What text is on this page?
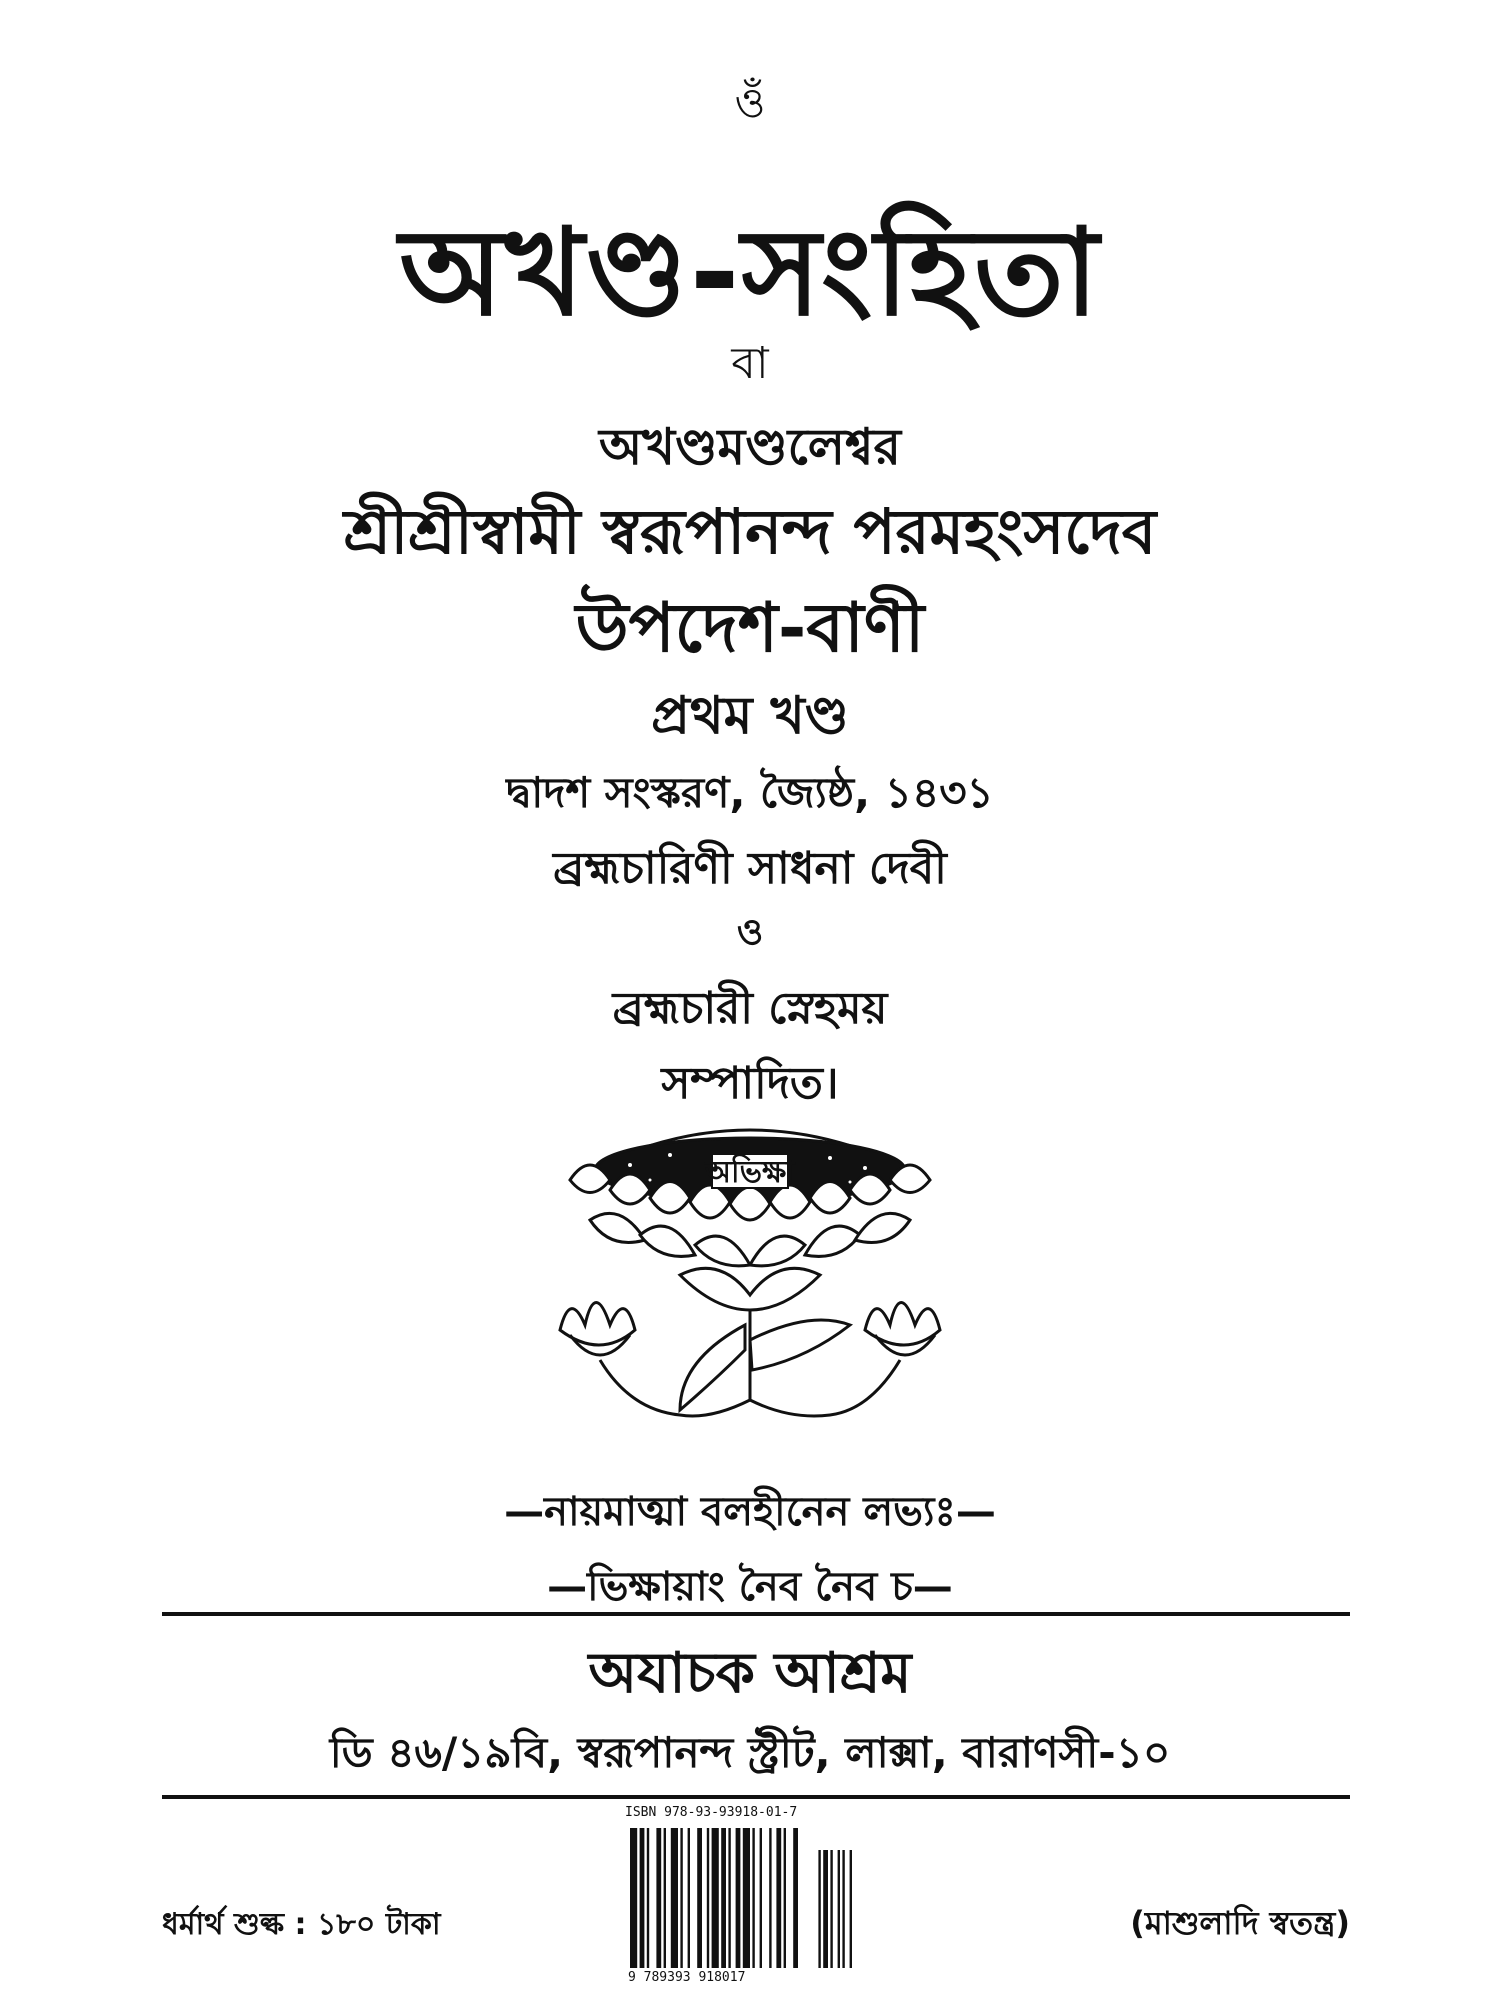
ওঁ
অখণ্ড-সংহিতা
বা
অখণ্ডমণ্ডলেশ্বর
শ্রীশ্রীস্বামী স্বরূপানন্দ পরমহংসদেব
উপদেশ-বাণী
প্রথম খণ্ড
দ্বাদশ সংস্করণ, জ্যৈষ্ঠ, ১৪৩১
ব্রহ্মচারিণী সাধনা দেবী
ও
ব্রহ্মচারী স্নেহময়
সম্পাদিত।
অভিক্ষা
—নায়মাত্মা বলহীনেন লভ্যঃ—
—ভিক্ষায়াং নৈব নৈব চ—
অযাচক আশ্রম
ডি ৪৬/১৯বি, স্বরূপানন্দ স্ট্রীট, লাক্সা, বারাণসী-১০
ধর্মার্থ শুল্ক : ১৮০ টাকা	(মাশুলাদি স্বতন্ত্র)
ISBN 978-93-93918-01-7
9 789393 918017
